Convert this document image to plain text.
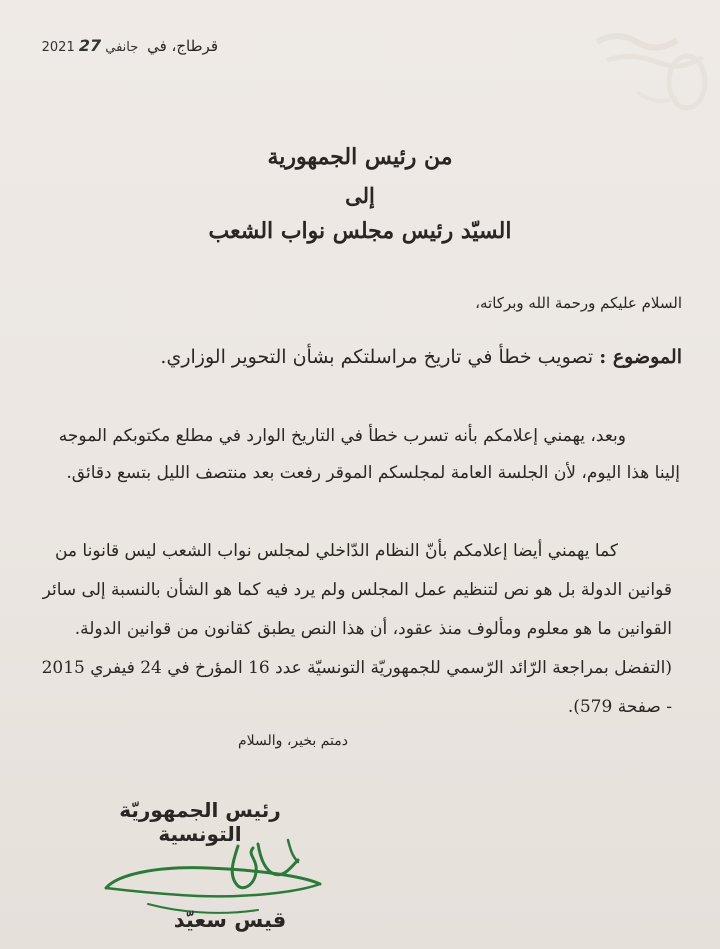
قرطاج، في 2021 جانفي 27
من رئيس الجمهورية
إلى
السيّد رئيس مجلس نواب الشعب
السلام عليكم ورحمة الله وبركاته،
الموضوع : تصويب خطأ في تاريخ مراسلتكم بشأن التحوير الوزاري.
وبعد، يهمني إعلامكم بأنه تسرب خطأ في التاريخ الوارد في مطلع مكتوبكم الموجه إلينا هذا اليوم، لأن الجلسة العامة لمجلسكم الموقر رفعت بعد منتصف الليل بتسع دقائق.
كما يهمني أيضا إعلامكم بأنّ النظام الدّاخلي لمجلس نواب الشعب ليس قانونا من قوانين الدولة بل هو نص لتنظيم عمل المجلس ولم يرد فيه كما هو الشأن بالنسبة إلى سائر القوانين ما هو معلوم ومألوف منذ عقود، أن هذا النص يطبق كقانون من قوانين الدولة. (التفضل بمراجعة الرّائد الرّسمي للجمهوريّة التونسيّة عدد 16 المؤرخ في 24 فيفري 2015 - صفحة 579).
دمتم بخير، والسلام
رئيس الجمهوريّة التونسية
قيس سعيّد
